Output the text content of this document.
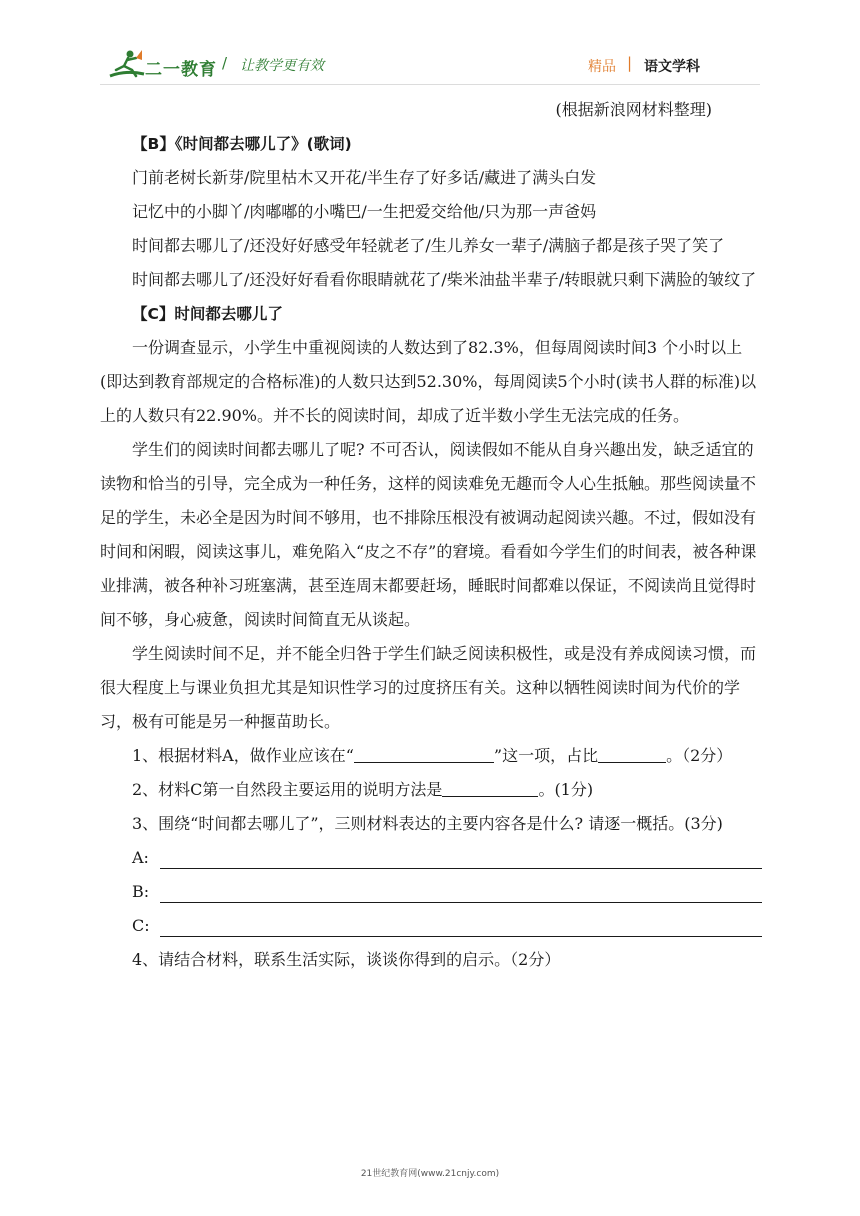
二一教育 / 让教学更有效	精品 | 语文学科
(根据新浪网材料整理)

【B】《时间都去哪儿了》(歌词)

门前老树长新芽/院里枯木又开花/半生存了好多话/藏进了满头白发

记忆中的小脚丫/肉嘟嘟的小嘴巴/一生把爱交给他/只为那一声爸妈

时间都去哪儿了/还没好好感受年轻就老了/生儿养女一辈子/满脑子都是孩子哭了笑了

时间都去哪儿了/还没好好看看你眼睛就花了/柴米油盐半辈子/转眼就只剩下满脸的皱纹了

【C】时间都去哪儿了

一份调查显示，小学生中重视阅读的人数达到了82.3%，但每周阅读时间3 个小时以上(即达到教育部规定的合格标准)的人数只达到52.30%，每周阅读5个小时(读书人群的标准)以上的人数只有22.90%。并不长的阅读时间，却成了近半数小学生无法完成的任务。

学生们的阅读时间都去哪儿了呢? 不可否认，阅读假如不能从自身兴趣出发，缺乏适宜的读物和恰当的引导，完全成为一种任务，这样的阅读难免无趣而令人心生抵触。那些阅读量不足的学生，未必全是因为时间不够用，也不排除压根没有被调动起阅读兴趣。不过，假如没有时间和闲暇，阅读这事儿，难免陷入“皮之不存”的窘境。看看如今学生们的时间表，被各种课业排满，被各种补习班塞满，甚至连周末都要赶场，睡眠时间都难以保证，不阅读尚且觉得时间不够，身心疲惫，阅读时间简直无从谈起。

学生阅读时间不足，并不能全归咎于学生们缺乏阅读积极性，或是没有养成阅读习惯，而很大程度上与课业负担尤其是知识性学习的过度挤压有关。这种以牺牲阅读时间为代价的学习，极有可能是另一种揠苗助长。

1、根据材料A，做作业应该在“	”这一项，占比	。（2分）

2、材料C第一自然段主要运用的说明方法是	。(1分)

3、围绕“时间都去哪儿了”，三则材料表达的主要内容各是什么? 请逐一概括。(3分)

A:
B:
C:

4、请结合材料，联系生活实际，谈谈你得到的启示。（2分）

21世纪教育网(www.21cnjy.com)
